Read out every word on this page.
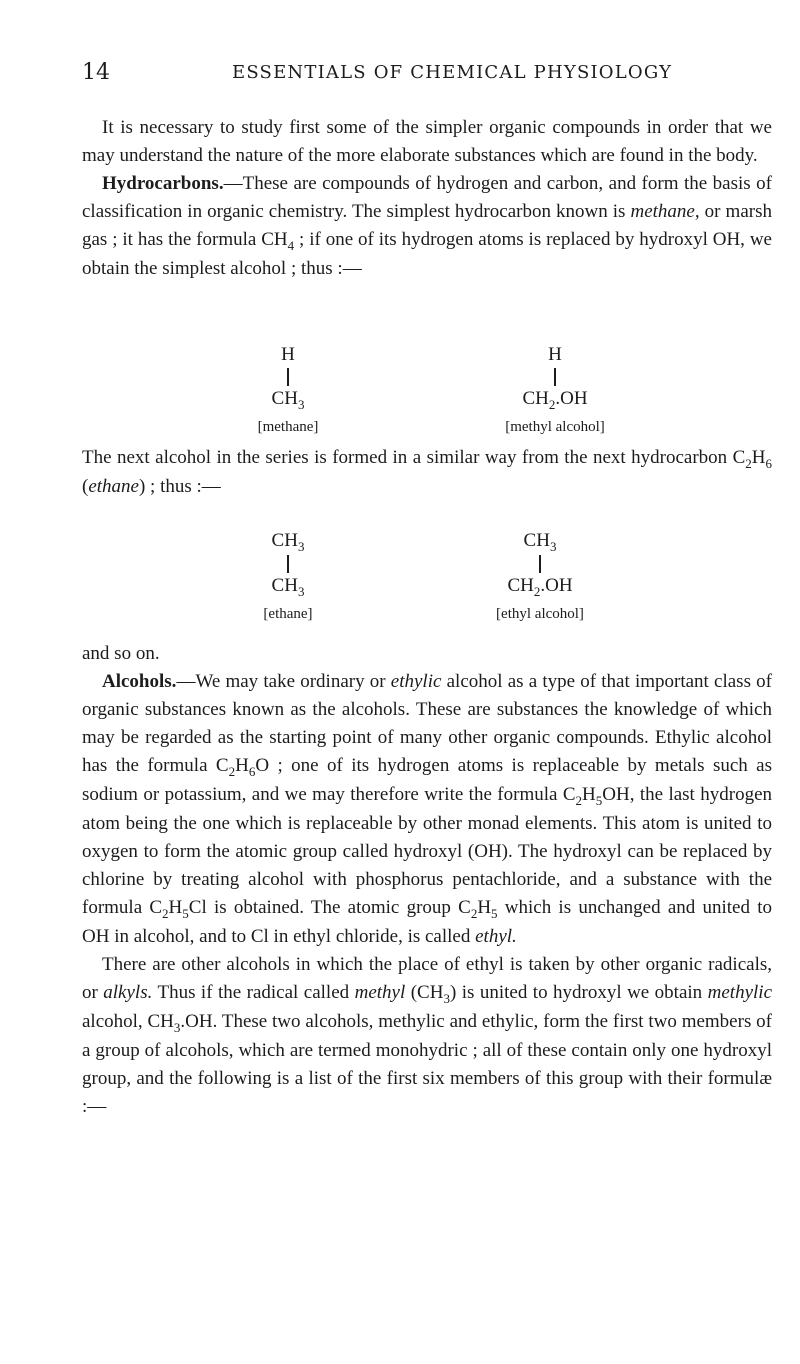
14	ESSENTIALS OF CHEMICAL PHYSIOLOGY

It is necessary to study first some of the simpler organic compounds in order that we may understand the nature of the more elaborate substances which are found in the body.

Hydrocarbons.—These are compounds of hydrogen and carbon, and form the basis of classification in organic chemistry. The simplest hydrocarbon known is methane, or marsh gas ; it has the formula $CH_4$ ; if one of its hydrogen atoms is replaced by hydroxyl OH, we obtain the simplest alcohol ; thus :—

H
$CH_3$
[methane]
H
$CH_2.OH$
[methyl alcohol]

The next alcohol in the series is formed in a similar way from the next hydrocarbon $C_2H_6$ (ethane) ; thus :—

$CH_3$
$CH_3$
[ethane]
$CH_3$
$CH_2.OH$
[ethyl alcohol]

and so on.

Alcohols.—We may take ordinary or ethylic alcohol as a type of that important class of organic substances known as the alcohols. These are substances the knowledge of which may be regarded as the starting point of many other organic compounds. Ethylic alcohol has the formula $C_2H_6O$ ; one of its hydrogen atoms is replaceable by metals such as sodium or potassium, and we may therefore write the formula $C_2H_5OH$, the last hydrogen atom being the one which is replaceable by other monad elements. This atom is united to oxygen to form the atomic group called hydroxyl (OH). The hydroxyl can be replaced by chlorine by treating alcohol with phosphorus pentachloride, and a substance with the formula $C_2H_5Cl$ is obtained. The atomic group $C_2H_5$ which is unchanged and united to OH in alcohol, and to Cl in ethyl chloride, is called ethyl.

There are other alcohols in which the place of ethyl is taken by other organic radicals, or alkyls. Thus if the radical called methyl $(CH_3)$ is united to hydroxyl we obtain methylic alcohol, $CH_3.OH$. These two alcohols, methylic and ethylic, form the first two members of a group of alcohols, which are termed monohydric ; all of these contain only one hydroxyl group, and the following is a list of the first six members of this group with their formulæ :—
